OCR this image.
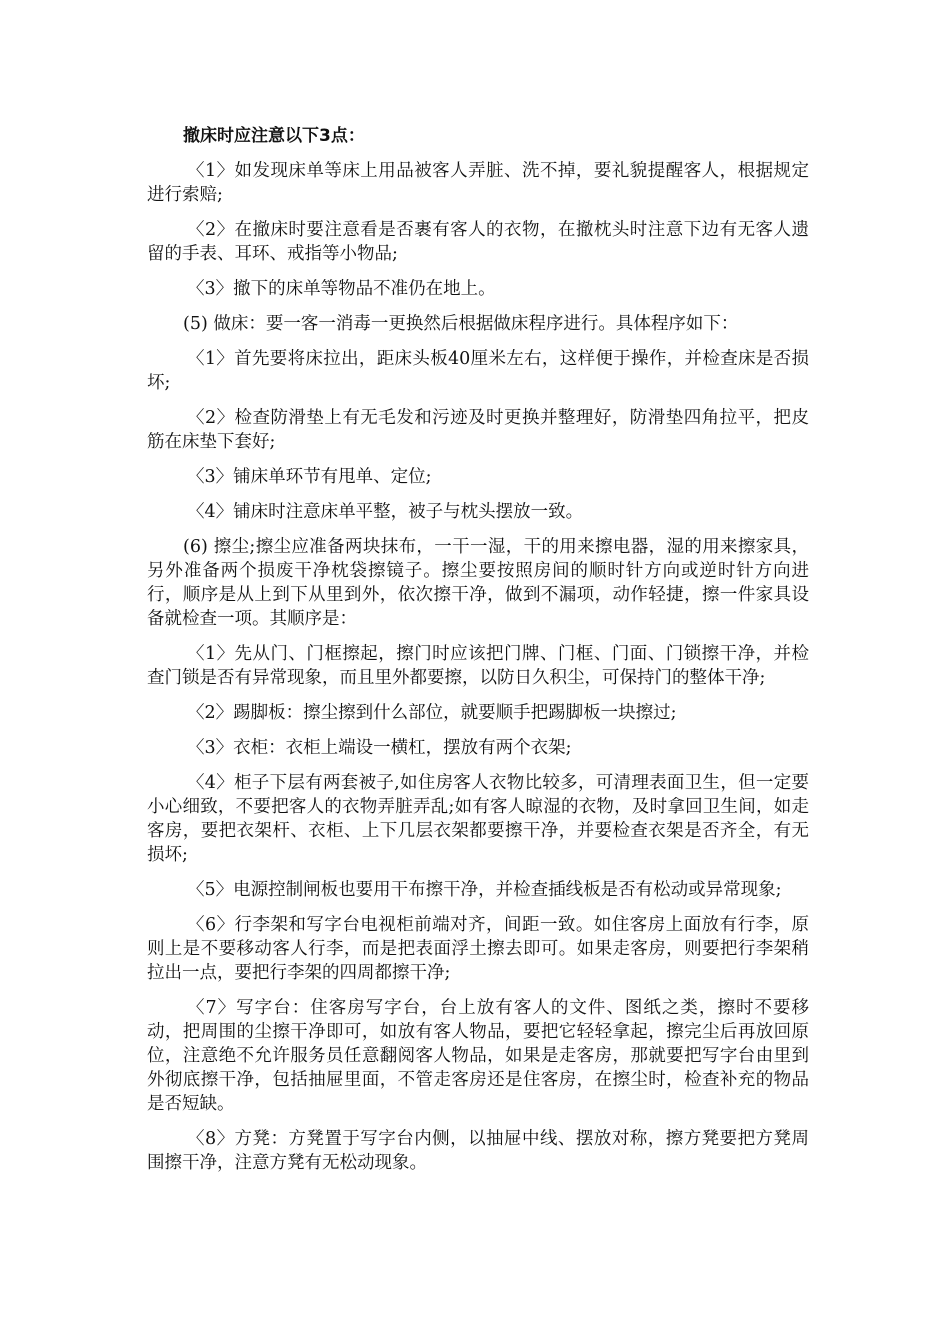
撤床时应注意以下3点：

〈1〉如发现床单等床上用品被客人弄脏、洗不掉，要礼貌提醒客人，根据规定进行索赔;

〈2〉在撤床时要注意看是否裹有客人的衣物，在撤枕头时注意下边有无客人遗留的手表、耳环、戒指等小物品;

〈3〉撤下的床单等物品不准仍在地上。

(5) 做床：要一客一消毒一更换然后根据做床程序进行。具体程序如下：

〈1〉首先要将床拉出，距床头板40厘米左右，这样便于操作，并检查床是否损坏;

〈2〉检查防滑垫上有无毛发和污迹及时更换并整理好，防滑垫四角拉平，把皮筋在床垫下套好;

〈3〉铺床单环节有甩单、定位;

〈4〉铺床时注意床单平整，被子与枕头摆放一致。

(6) 擦尘;擦尘应准备两块抹布，一干一湿，干的用来擦电器，湿的用来擦家具，另外准备两个损废干净枕袋擦镜子。擦尘要按照房间的顺时针方向或逆时针方向进行，顺序是从上到下从里到外，依次擦干净，做到不漏项，动作轻捷，擦一件家具设备就检查一项。其顺序是：

〈1〉先从门、门框擦起，擦门时应该把门牌、门框、门面、门锁擦干净，并检查门锁是否有异常现象，而且里外都要擦，以防日久积尘，可保持门的整体干净;

〈2〉踢脚板：擦尘擦到什么部位，就要顺手把踢脚板一块擦过;

〈3〉衣柜：衣柜上端设一横杠，摆放有两个衣架;

〈4〉柜子下层有两套被子,如住房客人衣物比较多，可清理表面卫生，但一定要小心细致，不要把客人的衣物弄脏弄乱;如有客人晾湿的衣物，及时拿回卫生间，如走客房，要把衣架杆、衣柜、上下几层衣架都要擦干净，并要检查衣架是否齐全，有无损坏;

〈5〉电源控制闸板也要用干布擦干净，并检查插线板是否有松动或异常现象;

〈6〉行李架和写字台电视柜前端对齐，间距一致。如住客房上面放有行李，原则上是不要移动客人行李，而是把表面浮土擦去即可。如果走客房，则要把行李架稍拉出一点，要把行李架的四周都擦干净;

〈7〉写字台：住客房写字台，台上放有客人的文件、图纸之类，擦时不要移动，把周围的尘擦干净即可，如放有客人物品，要把它轻轻拿起，擦完尘后再放回原位，注意绝不允许服务员任意翻阅客人物品，如果是走客房，那就要把写字台由里到外彻底擦干净，包括抽屉里面，不管走客房还是住客房，在擦尘时，检查补充的物品是否短缺。

〈8〉方凳：方凳置于写字台内侧，以抽屉中线、摆放对称，擦方凳要把方凳周围擦干净，注意方凳有无松动现象。
